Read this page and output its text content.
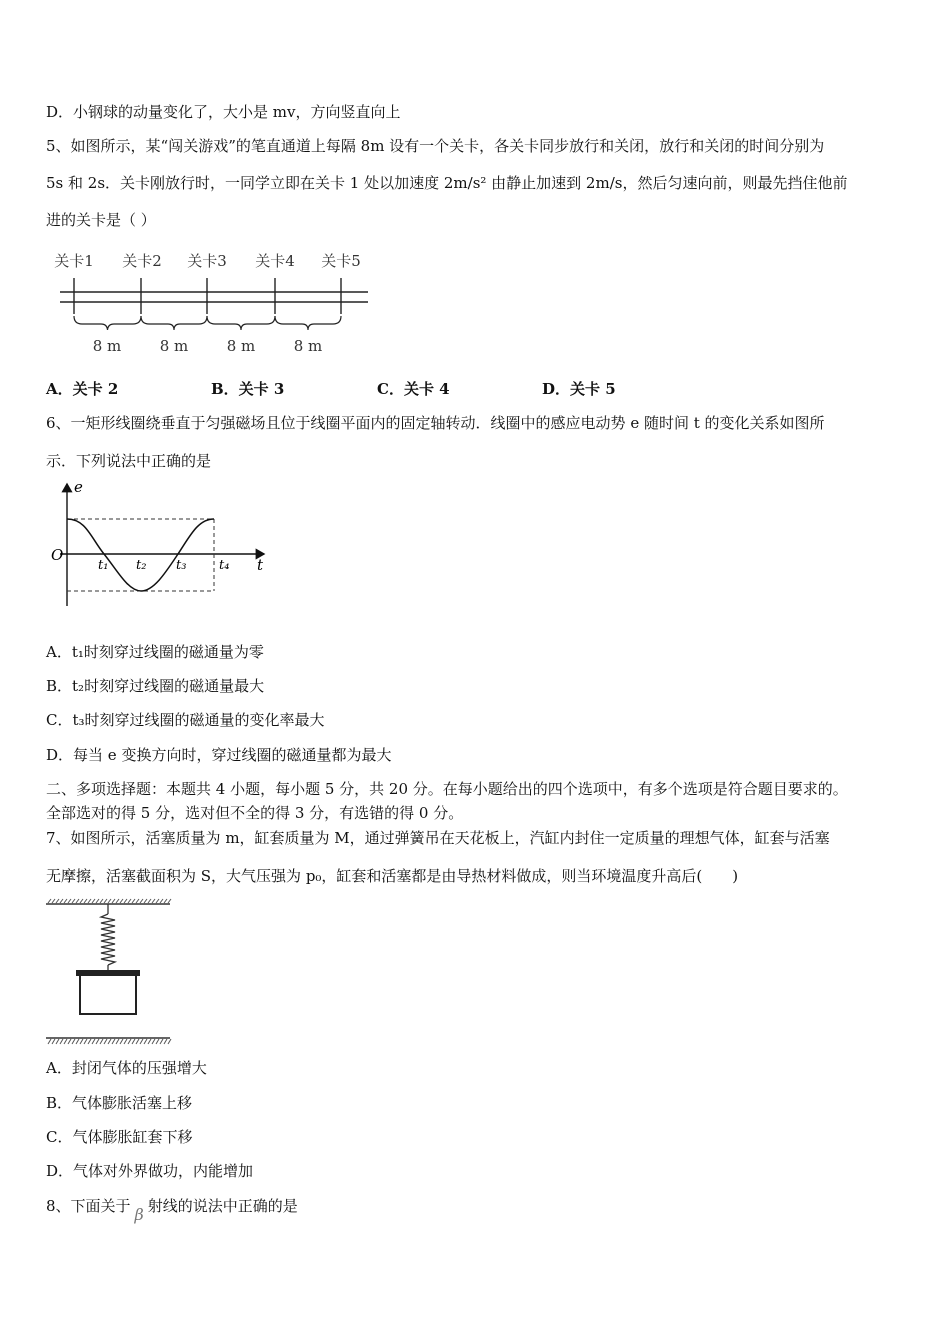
D．小钢球的动量变化了，大小是 mv，方向竖直向上
5、如图所示，某“闯关游戏”的笔直通道上每隔 8m 设有一个关卡，各关卡同步放行和关闭，放行和关闭的时间分别为
5s 和 2s．关卡刚放行时，一同学立即在关卡 1 处以加速度 2m/s² 由静止加速到 2m/s，然后匀速向前，则最先挡住他前
进的关卡是（ ）
关卡1 关卡2 关卡3 关卡4 关卡5
8 m	8 m	8 m	8 m
A．关卡 2	B．关卡 3	C．关卡 4	D．关卡 5
6、一矩形线圈绕垂直于匀强磁场且位于线圈平面内的固定轴转动．线圈中的感应电动势 e 随时间 t 的变化关系如图所
示．下列说法中正确的是
e
t
O
t₁ t₂ t₃	t₄
A．t₁时刻穿过线圈的磁通量为零
B．t₂时刻穿过线圈的磁通量最大
C．t₃时刻穿过线圈的磁通量的变化率最大
D．每当 e 变换方向时，穿过线圈的磁通量都为最大
二、多项选择题：本题共 4 小题，每小题 5 分，共 20 分。在每小题给出的四个选项中，有多个选项是符合题目要求的。
全部选对的得 5 分，选对但不全的得 3 分，有选错的得 0 分。
7、如图所示，活塞质量为 m，缸套质量为 M，通过弹簧吊在天花板上，汽缸内封住一定质量的理想气体，缸套与活塞
无摩擦，活塞截面积为 S，大气压强为 p₀，缸套和活塞都是由导热材料做成，则当环境温度升高后(　　)
A．封闭气体的压强增大
B．气体膨胀活塞上移
C．气体膨胀缸套下移
D．气体对外界做功，内能增加
8、下面关于 β 射线的说法中正确的是
